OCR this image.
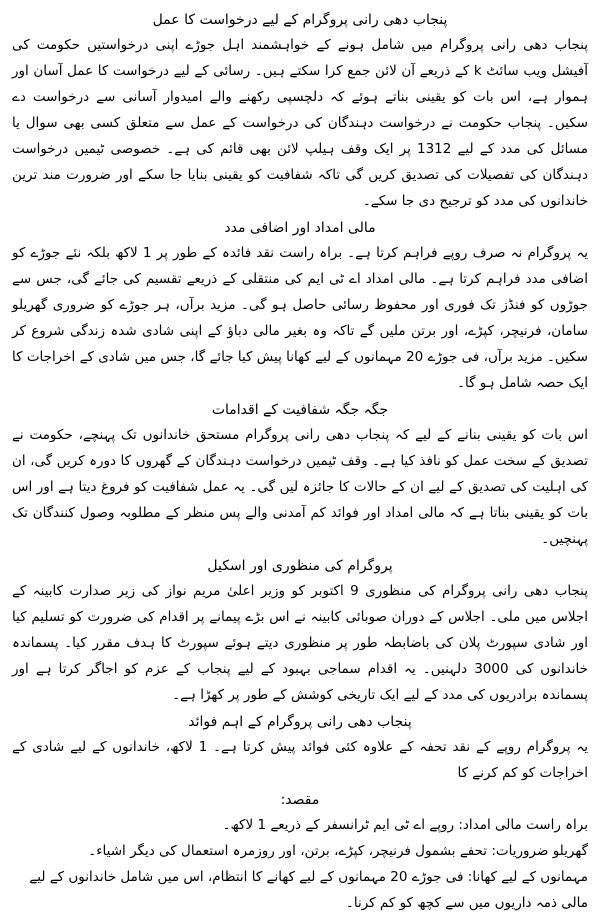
پنجاب دھی رانی پروگرام کے لیے درخواست کا عمل

پنجاب دھی رانی پروگرام میں شامل ہونے کے خواہشمند اہل جوڑے اپنی درخواستیں حکومت کی آفیشل ویب سائٹ k کے ذریعے آن لائن جمع کرا سکتے ہیں۔ رسائی کے لیے درخواست کا عمل آسان اور ہموار ہے، اس بات کو یقینی بناتے ہوئے کہ دلچسپی رکھنے والے امیدوار آسانی سے درخواست دے سکیں۔ پنجاب حکومت نے درخواست دہندگان کی درخواست کے عمل سے متعلق کسی بھی سوال یا مسائل کی مدد کے لیے 1312 پر ایک وقف ہیلپ لائن بھی قائم کی ہے۔ خصوصی ٹیمیں درخواست دہندگان کی تفصیلات کی تصدیق کریں گی تاکہ شفافیت کو یقینی بنایا جا سکے اور ضرورت مند ترین خاندانوں کی مدد کو ترجیح دی جا سکے۔

مالی امداد اور اضافی مدد

یہ پروگرام نہ صرف روپے فراہم کرتا ہے۔ براہ راست نقد فائدہ کے طور پر 1 لاکھ بلکہ نئے جوڑے کو اضافی مدد فراہم کرتا ہے۔ مالی امداد اے ٹی ایم کی منتقلی کے ذریعے تقسیم کی جائے گی، جس سے جوڑوں کو فنڈز تک فوری اور محفوظ رسائی حاصل ہو گی۔ مزید برآں، ہر جوڑے کو ضروری گھریلو سامان، فرنیچر، کپڑے، اور برتن ملیں گے تاکہ وہ بغیر مالی دباؤ کے اپنی شادی شدہ زندگی شروع کر سکیں۔ مزید برآں، فی جوڑے 20 مہمانوں کے لیے کھانا پیش کیا جائے گا، جس میں شادی کے اخراجات کا ایک حصہ شامل ہو گا۔

جگہ جگہ شفافیت کے اقدامات

اس بات کو یقینی بنانے کے لیے کہ پنجاب دھی رانی پروگرام مستحق خاندانوں تک پہنچے، حکومت نے تصدیق کے سخت عمل کو نافذ کیا ہے۔ وقف ٹیمیں درخواست دہندگان کے گھروں کا دورہ کریں گی، ان کی اہلیت کی تصدیق کے لیے ان کے حالات کا جائزہ لیں گی۔ یہ عمل شفافیت کو فروغ دیتا ہے اور اس بات کو یقینی بناتا ہے کہ مالی امداد اور فوائد کم آمدنی والے پس منظر کے مطلوبہ وصول کنندگان تک پہنچیں۔

پروگرام کی منظوری اور اسکیل

پنجاب دھی رانی پروگرام کی منظوری 9 اکتوبر کو وزیر اعلیٰ مریم نواز کی زیر صدارت کابینہ کے اجلاس میں ملی۔ اجلاس کے دوران صوبائی کابینہ نے اس بڑے پیمانے پر اقدام کی ضرورت کو تسلیم کیا اور شادی سپورٹ پلان کی باضابطہ طور پر منظوری دیتے ہوئے سپورٹ کا ہدف مقرر کیا۔ پسماندہ خاندانوں کی 3000 دلہنیں۔ یہ اقدام سماجی بہبود کے لیے پنجاب کے عزم کو اجاگر کرتا ہے اور پسماندہ برادریوں کی مدد کے لیے ایک تاریخی کوشش کے طور پر کھڑا ہے۔

پنجاب دھی رانی پروگرام کے اہم فوائد

یہ پروگرام روپے کے نقد تحفہ کے علاوہ کئی فوائد پیش کرتا ہے۔ 1 لاکھ، خاندانوں کے لیے شادی کے اخراجات کو کم کرنے کا

مقصد:

براہ راست مالی امداد: روپے اے ٹی ایم ٹرانسفر کے ذریعے 1 لاکھ۔

گھریلو ضروریات: تحفے بشمول فرنیچر، کپڑے، برتن، اور روزمرہ استعمال کی دیگر اشیاء۔

مہمانوں کے لیے کھانا: فی جوڑے 20 مہمانوں کے لیے کھانے کا انتظام، اس میں شامل خاندانوں کے لیے مالی ذمہ داریوں میں سے کچھ کو کم کرنا۔
